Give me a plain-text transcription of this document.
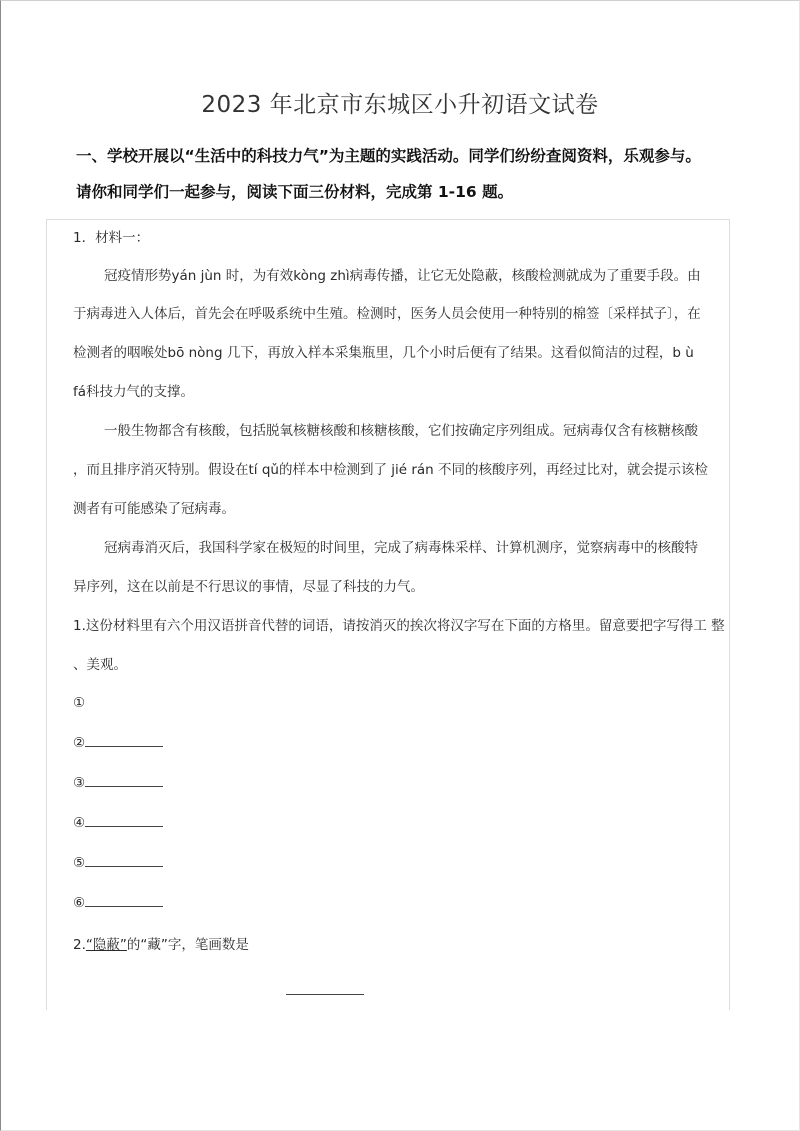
2023 年北京市东城区小升初语文试卷
一、学校开展以“生活中的科技力气”为主题的实践活动。同学们纷纷查阅资料，乐观参与。
请你和同学们一起参与，阅读下面三份材料，完成第 1-16 题。
1．材料一：
冠疫情形势yán jùn 时，为有效kòng zhì病毒传播，让它无处隐蔽，核酸检测就成为了重要手段。由
于病毒进入人体后，首先会在呼吸系统中生殖。检测时，医务人员会使用一种特别的棉签〔采样拭子〕，在
检测者的咽喉处bō nòng 几下，再放入样本采集瓶里，几个小时后便有了结果。这看似简洁的过程，b ù
fá科技力气的支撑。
一般生物都含有核酸，包括脱氧核糖核酸和核糖核酸，它们按确定序列组成。冠病毒仅含有核糖核酸
，而且排序消灭特别。假设在tí qǔ的样本中检测到了 jié rán 不同的核酸序列，再经过比对，就会提示该检
测者有可能感染了冠病毒。
冠病毒消灭后，我国科学家在极短的时间里，完成了病毒株采样、计算机测序，觉察病毒中的核酸特
异序列，这在以前是不行思议的事情，尽显了科技的力气。
1.这份材料里有六个用汉语拼音代替的词语，请按消灭的挨次将汉字写在下面的方格里。留意要把字写得工 整
、美观。
①
②
③
④
⑤
⑥
2.“隐蔽”的“藏”字，笔画数是
